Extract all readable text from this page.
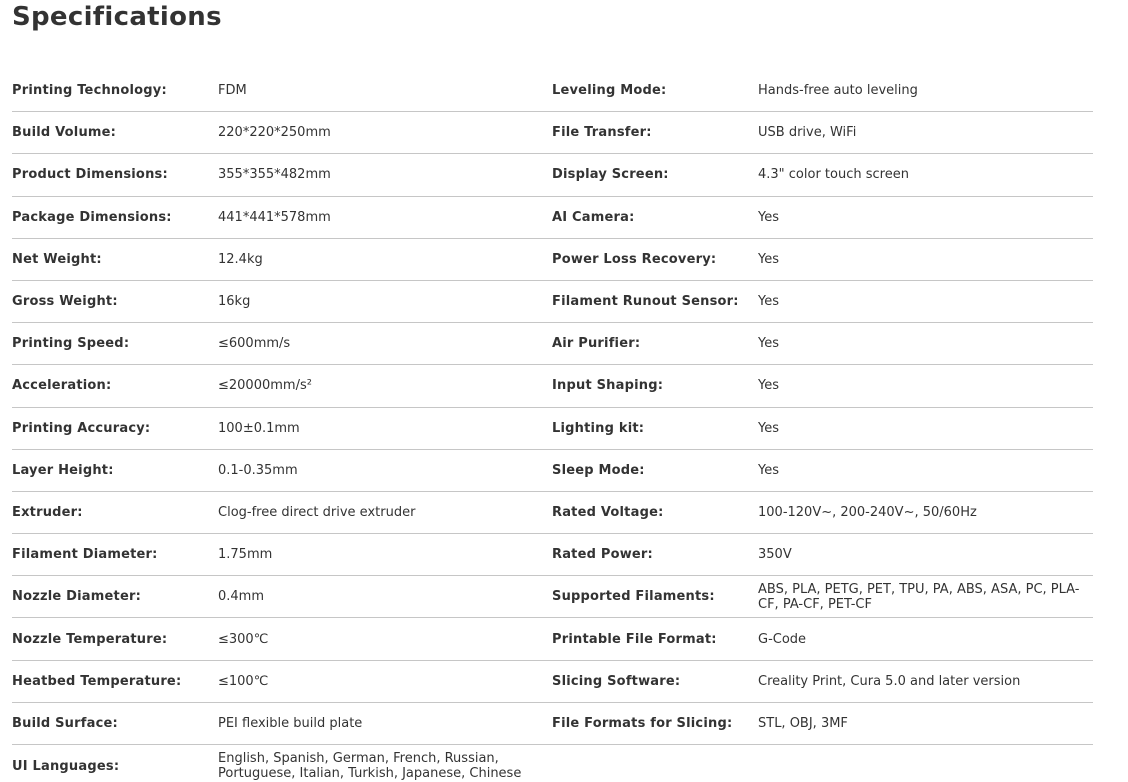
Specifications
Printing Technology:	FDM	Leveling Mode:	Hands-free auto leveling
Build Volume:	220*220*250mm	File Transfer:	USB drive, WiFi
Product Dimensions:	355*355*482mm	Display Screen:	4.3" color touch screen
Package Dimensions:	441*441*578mm	AI Camera:	Yes
Net Weight:	12.4kg	Power Loss Recovery:	Yes
Gross Weight:	16kg	Filament Runout Sensor:	Yes
Printing Speed:	≤600mm/s	Air Purifier:	Yes
Acceleration:	≤20000mm/s²	Input Shaping:	Yes
Printing Accuracy:	100±0.1mm	Lighting kit:	Yes
Layer Height:	0.1-0.35mm	Sleep Mode:	Yes
Extruder:	Clog-free direct drive extruder	Rated Voltage:	100-120V~, 200-240V~, 50/60Hz
Filament Diameter:	1.75mm	Rated Power:	350V
Nozzle Diameter:	0.4mm	Supported Filaments:	ABS, PLA, PETG, PET, TPU, PA, ABS, ASA, PC, PLA-CF, PA-CF, PET-CF
Nozzle Temperature:	≤300℃	Printable File Format:	G-Code
Heatbed Temperature:	≤100℃	Slicing Software:	Creality Print, Cura 5.0 and later version
Build Surface:	PEI flexible build plate	File Formats for Slicing:	STL, OBJ, 3MF
UI Languages:	English, Spanish, German, French, Russian, Portuguese, Italian, Turkish, Japanese, Chinese
